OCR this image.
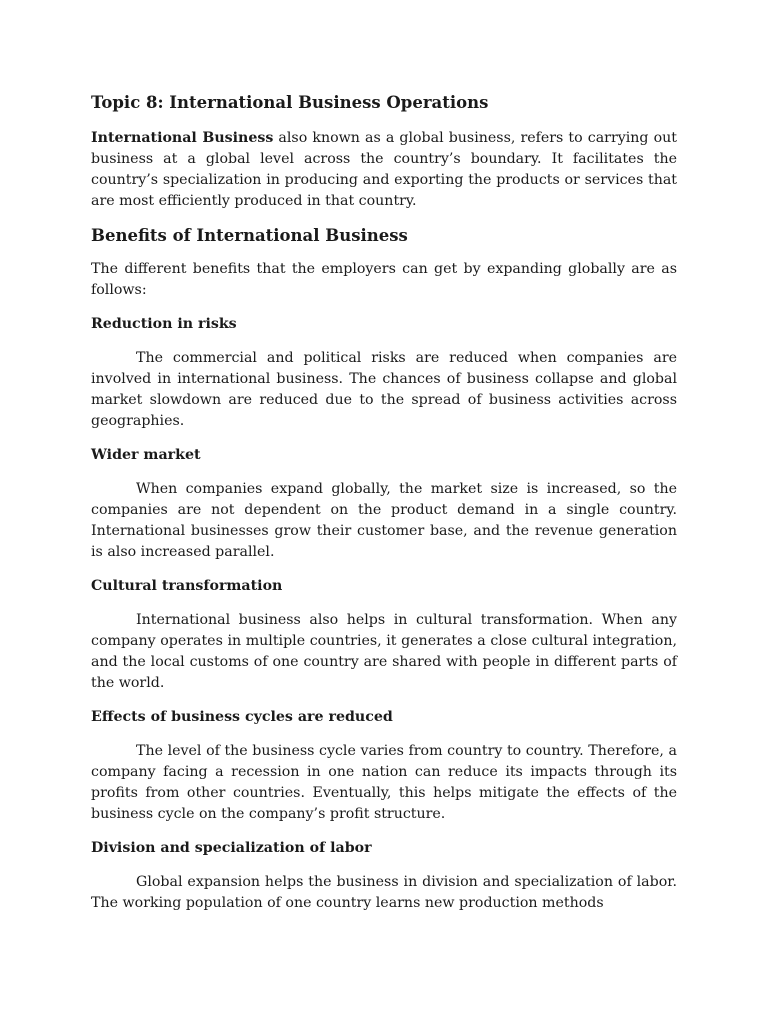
Topic 8: International Business Operations

International Business also known as a global business, refers to carrying out business at a global level across the country’s boundary. It facilitates the country’s specialization in producing and exporting the products or services that are most efficiently produced in that country.

Benefits of International Business

The different benefits that the employers can get by expanding globally are as follows:

Reduction in risks

The commercial and political risks are reduced when companies are involved in international business. The chances of business collapse and global market slowdown are reduced due to the spread of business activities across geographies.

Wider market

When companies expand globally, the market size is increased, so the companies are not dependent on the product demand in a single country. International businesses grow their customer base, and the revenue generation is also increased parallel.

Cultural transformation

International business also helps in cultural transformation. When any company operates in multiple countries, it generates a close cultural integration, and the local customs of one country are shared with people in different parts of the world.

Effects of business cycles are reduced

The level of the business cycle varies from country to country. Therefore, a company facing a recession in one nation can reduce its impacts through its profits from other countries. Eventually, this helps mitigate the effects of the business cycle on the company’s profit structure.

Division and specialization of labor

Global expansion helps the business in division and specialization of labor. The working population of one country learns new production methods
